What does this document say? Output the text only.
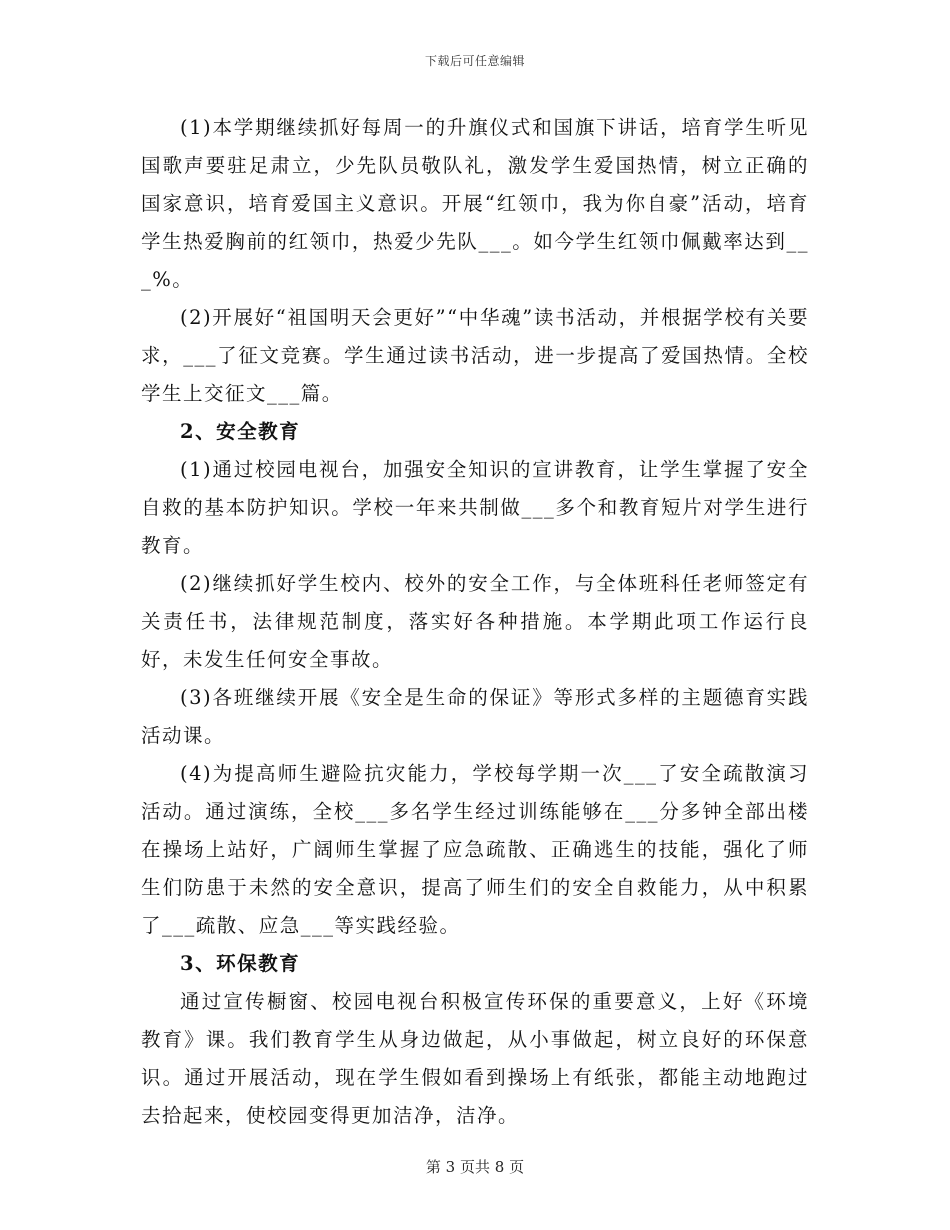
下载后可任意编辑

(1)本学期继续抓好每周一的升旗仪式和国旗下讲话，培育学生听见国歌声要驻足肃立，少先队员敬队礼，激发学生爱国热情，树立正确的国家意识，培育爱国主义意识。开展“红领巾，我为你自豪”活动，培育学生热爱胸前的红领巾，热爱少先队___。如今学生红领巾佩戴率达到___%。

(2)开展好“祖国明天会更好”“中华魂”读书活动，并根据学校有关要求，___了征文竞赛。学生通过读书活动，进一步提高了爱国热情。全校学生上交征文___篇。

2、安全教育

(1)通过校园电视台，加强安全知识的宣讲教育，让学生掌握了安全自救的基本防护知识。学校一年来共制做___多个和教育短片对学生进行教育。

(2)继续抓好学生校内、校外的安全工作，与全体班科任老师签定有关责任书，法律规范制度，落实好各种措施。本学期此项工作运行良好，未发生任何安全事故。

(3)各班继续开展《安全是生命的保证》等形式多样的主题德育实践活动课。

(4)为提高师生避险抗灾能力，学校每学期一次___了安全疏散演习活动。通过演练，全校___多名学生经过训练能够在___分多钟全部出楼在操场上站好，广阔师生掌握了应急疏散、正确逃生的技能，强化了师生们防患于未然的安全意识，提高了师生们的安全自救能力，从中积累了___疏散、应急___等实践经验。

3、环保教育

通过宣传橱窗、校园电视台积极宣传环保的重要意义，上好《环境教育》课。我们教育学生从身边做起，从小事做起，树立良好的环保意识。通过开展活动，现在学生假如看到操场上有纸张，都能主动地跑过去拾起来，使校园变得更加洁净，洁净。

第 3 页共 8 页
